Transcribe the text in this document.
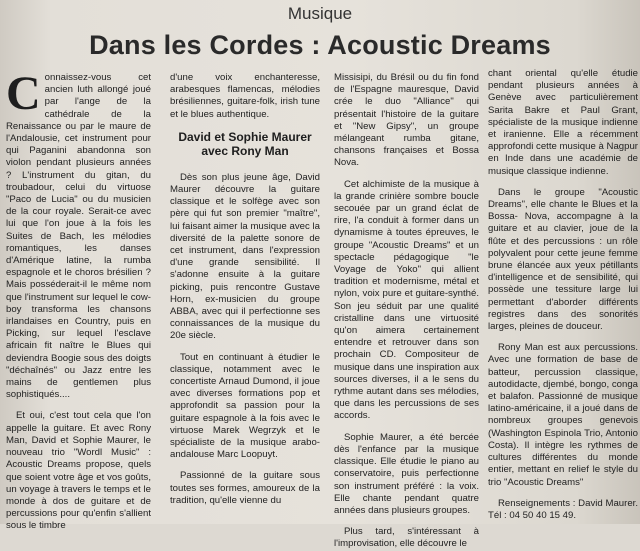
Musique
Dans les Cordes : Acoustic Dreams

Connaissez-vous cet ancien luth allongé joué par l'ange de la cathédrale de la Renaissance ou par le maure de l'Andalousie, cet instrument pour qui Paganini abandonna son violon pendant plusieurs années ? L'instrument du gitan, du troubadour, celui du virtuose "Paco de Lucia" ou du musicien de la cour royale. Serait-ce avec lui que l'on joue à la fois les Suites de Bach, les mélodies romantiques, les danses d'Amérique latine, la rumba espagnole et le choros brésilien ? Mais posséderait-il le même nom que l'instrument sur lequel le cow-boy transforma les chansons irlandaises en Country, puis en Picking, sur lequel l'esclave africain fit naître le Blues qui deviendra Boogie sous des doigts "déchaînés" ou Jazz entre les mains de gentlemen plus sophistiqués....

Et oui, c'est tout cela que l'on appelle la guitare. Et avec Rony Man, David et Sophie Maurer, le nouveau trio "Wordl Music" : Acoustic Dreams propose, quels que soient votre âge et vos goûts, un voyage à travers le temps et le monde à dos de guitare et de percussions pour qu'enfin s'allient sous le timbre

d'une voix enchanteresse, arabesques flamencas, mélodies brésiliennes, guitare-folk, irish tune et le blues authentique.

David et Sophie Maurer avec Rony Man

Dès son plus jeune âge, David Maurer découvre la guitare classique et le solfège avec son père qui fut son premier "maître", lui faisant aimer la musique avec la diversité de la palette sonore de cet instrument, dans l'expression d'une grande sensibilité. Il s'adonne ensuite à la guitare picking, puis rencontre Gustave Horn, ex-musicien du groupe ABBA, avec qui il perfectionne ses connaissances de la musique du 20e siècle.

Tout en continuant à étudier le classique, notamment avec le concertiste Arnaud Dumond, il joue avec diverses formations pop et approfondit sa passion pour la guitare espagnole à la fois avec le virtuose Marek Wegrzyk et le spécialiste de la musique arabo-andalouse Marc Loopuyt.

Passionné de la guitare sous toutes ses formes, amoureux de la tradition, qu'elle vienne du

Missisipi, du Brésil ou du fin fond de l'Espagne mauresque, David crée le duo "Alliance" qui présentait l'histoire de la guitare et "New Gipsy", un groupe mélangeant rumba gitane, chansons françaises et Bossa Nova.

Cet alchimiste de la musique à la grande crinière sombre boucle secouée par un grand éclat de rire, l'a conduit à former dans un dynamisme à toutes épreuves, le groupe "Acoustic Dreams" et un spectacle pédagogique "le Voyage de Yoko" qui allient tradition et modernisme, métal et nylon, voix pure et guitare-synthé. Son jeu séduit par une qualité cristalline dans une virtuosité qu'on aimera certainement entendre et retrouver dans son prochain CD. Compositeur de musique dans une inspiration aux sources diverses, il a le sens du rythme autant dans ses mélodies, que dans les percussions de ses accords.

Sophie Maurer, a été bercée dès l'enfance par la musique classique. Elle étudie le piano au conservatoire, puis perfectionne son instrument préféré : la voix. Elle chante pendant quatre années dans plusieurs groupes.

Plus tard, s'intéressant à l'improvisation, elle découvre le

chant oriental qu'elle étudie pendant plusieurs années à Genève avec particulièrement Sarita Bakre et Paul Grant, spécialiste de la musique indienne et iranienne. Elle a récemment approfondi cette musique à Nagpur en Inde dans une académie de musique classique indienne.

Dans le groupe "Acoustic Dreams", elle chante le Blues et la Bossa- Nova, accompagne à la guitare et au clavier, joue de la flûte et des percussions : un rôle polyvalent pour cette jeune femme brune élancée aux yeux pétillants d'intelligence et de sensibilité, qui possède une tessiture large lui permettant d'aborder différents registres dans des sonorités larges, pleines de douceur.

Rony Man est aux percussions. Avec une formation de base de batteur, percussion classique, autodidacte, djembé, bongo, conga et balafon. Passionné de musique latino-américaine, il a joué dans de nombreux groupes genevois (Washington Espinola Trio, Antonio Costa). Il intègre les rythmes de cultures différentes du monde entier, mettant en relief le style du trio "Acoustic Dreams"

Renseignements : David Maurer. Tél : 04 50 40 15 49.
